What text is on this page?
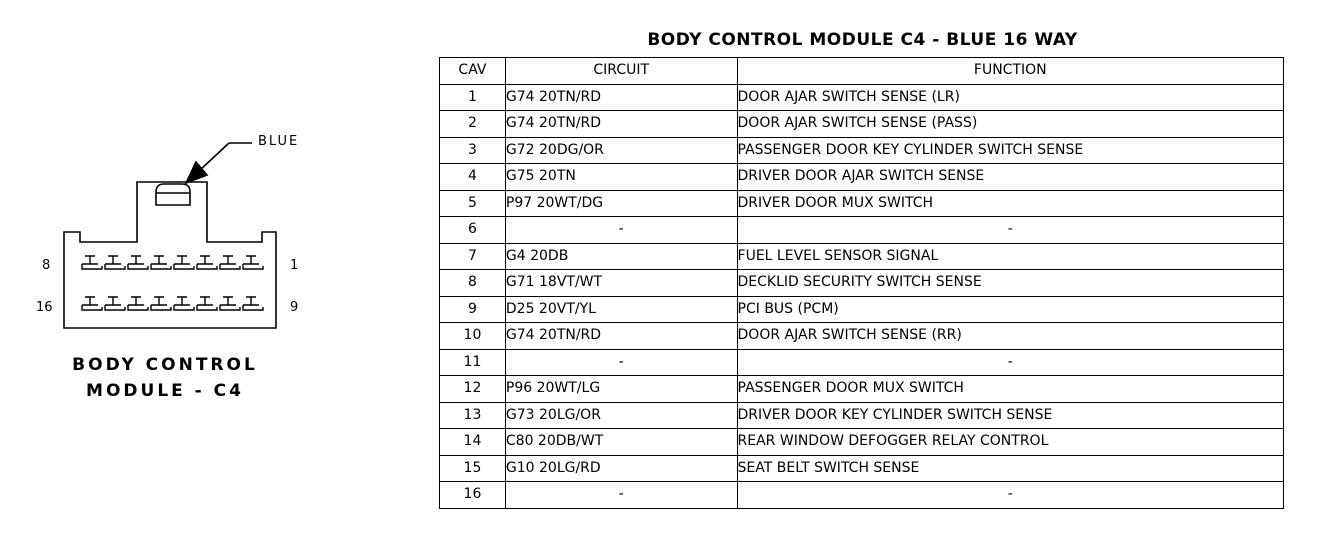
BLUE
8	1
16	9
BODY CONTROL
MODULE - C4
BODY CONTROL MODULE C4 - BLUE 16 WAY
CAV	CIRCUIT	FUNCTION
1	G74 20TN/RD	DOOR AJAR SWITCH SENSE (LR)
2	G74 20TN/RD	DOOR AJAR SWITCH SENSE (PASS)
3	G72 20DG/OR	PASSENGER DOOR KEY CYLINDER SWITCH SENSE
4	G75 20TN	DRIVER DOOR AJAR SWITCH SENSE
5	P97 20WT/DG	DRIVER DOOR MUX SWITCH
6	-	-
7	G4 20DB	FUEL LEVEL SENSOR SIGNAL
8	G71 18VT/WT	DECKLID SECURITY SWITCH SENSE
9	D25 20VT/YL	PCI BUS (PCM)
10	G74 20TN/RD	DOOR AJAR SWITCH SENSE (RR)
11	-	-
12	P96 20WT/LG	PASSENGER DOOR MUX SWITCH
13	G73 20LG/OR	DRIVER DOOR KEY CYLINDER SWITCH SENSE
14	C80 20DB/WT	REAR WINDOW DEFOGGER RELAY CONTROL
15	G10 20LG/RD	SEAT BELT SWITCH SENSE
16	-	-
